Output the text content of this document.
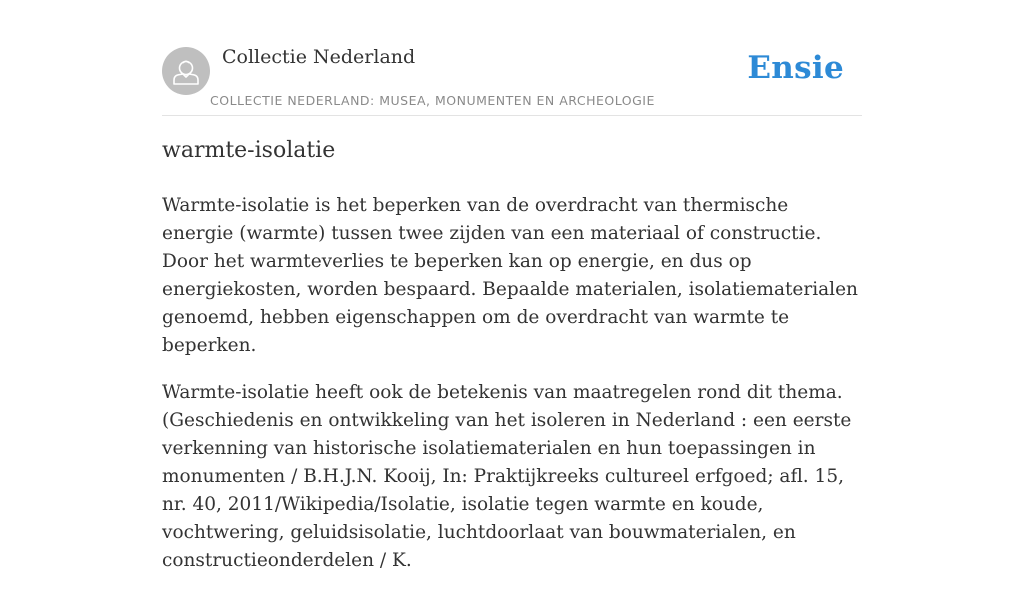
Collectie Nederland
COLLECTIE NEDERLAND: MUSEA, MONUMENTEN EN ARCHEOLOGIE
Ensie
warmte-isolatie

Warmte-isolatie is het beperken van de overdracht van thermische energie (warmte) tussen twee zijden van een materiaal of constructie. Door het warmteverlies te beperken kan op energie, en dus op energiekosten, worden bespaard. Bepaalde materialen, isolatiematerialen genoemd, hebben eigenschappen om de overdracht van warmte te beperken.

Warmte-isolatie heeft ook de betekenis van maatregelen rond dit thema. (Geschiedenis en ontwikkeling van het isoleren in Nederland : een eerste verkenning van historische isolatiematerialen en hun toepassingen in monumenten / B.H.J.N. Kooij, In: Praktijkreeks cultureel erfgoed; afl. 15, nr. 40, 2011/Wikipedia/Isolatie, isolatie tegen warmte en koude, vochtwering, geluidsisolatie, luchtdoorlaat van bouwmaterialen, en constructieonderdelen / K.
